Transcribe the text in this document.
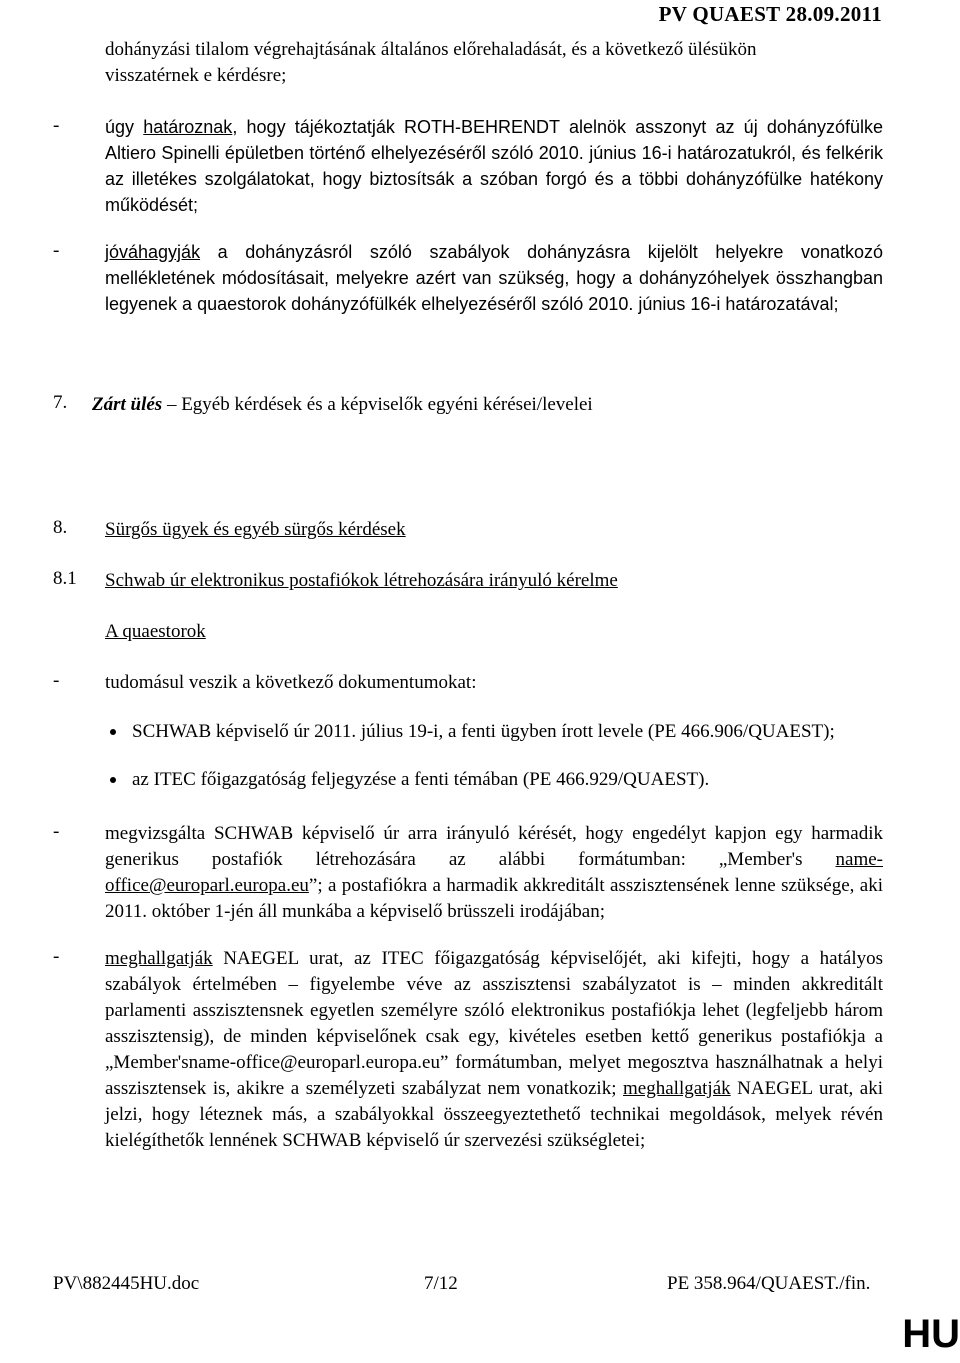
PV QUAEST 28.09.2011
dohányzási tilalom végrehajtásának általános előrehaladását, és a következő ülésükön
visszatérnek e kérdésre;
-	úgy határoznak, hogy tájékoztatják ROTH-BEHRENDT alelnök asszonyt az új dohányzófülke Altiero Spinelli épületben történő elhelyezéséről szóló 2010. június 16-i határozatukról, és felkérik az illetékes szolgálatokat, hogy biztosítsák a szóban forgó és a többi dohányzófülke hatékony működését;
-	jóváhagyják a dohányzásról szóló szabályok dohányzásra kijelölt helyekre vonatkozó mellékletének módosításait, melyekre azért van szükség, hogy a dohányzóhelyek összhangban legyenek a quaestorok dohányzófülkék elhelyezéséről szóló 2010. június 16-i határozatával;
7. Zárt ülés – Egyéb kérdések és a képviselők egyéni kérései/levelei
8. Sürgős ügyek és egyéb sürgős kérdések
8.1 Schwab úr elektronikus postafiókok létrehozására irányuló kérelme
A quaestorok
- tudomásul veszik a következő dokumentumokat:
SCHWAB képviselő úr 2011. július 19-i, a fenti ügyben írott levele (PE 466.906/QUAEST);
az ITEC főigazgatóság feljegyzése a fenti témában (PE 466.929/QUAEST).
- megvizsgálta SCHWAB képviselő úr arra irányuló kérését, hogy engedélyt kapjon egy harmadik generikus postafiók létrehozására az alábbi formátumban: „Member's name-office@europarl.europa.eu”; a postafiókra a harmadik akkreditált asszisztensének lenne szüksége, aki 2011. október 1-jén áll munkába a képviselő brüsszeli irodájában;
- meghallgatják NAEGEL urat, az ITEC főigazgatóság képviselőjét, aki kifejti, hogy a hatályos szabályok értelmében – figyelembe véve az asszisztensi szabályzatot is – minden akkreditált parlamenti asszisztensnek egyetlen személyre szóló elektronikus postafiókja lehet (legfeljebb három asszisztensig), de minden képviselőnek csak egy, kivételes esetben kettő generikus postafiókja a „Member'sname-office@europarl.europa.eu” formátumban, melyet megosztva használhatnak a helyi asszisztensek is, akikre a személyzeti szabályzat nem vonatkozik; meghallgatják NAEGEL urat, aki jelzi, hogy léteznek más, a szabályokkal összeegyeztethető technikai megoldások, melyek révén kielégíthetők lennének SCHWAB képviselő úr szervezési szükségletei;
PV\882445HU.doc	7/12	PE 358.964/QUAEST./fin.
HU
